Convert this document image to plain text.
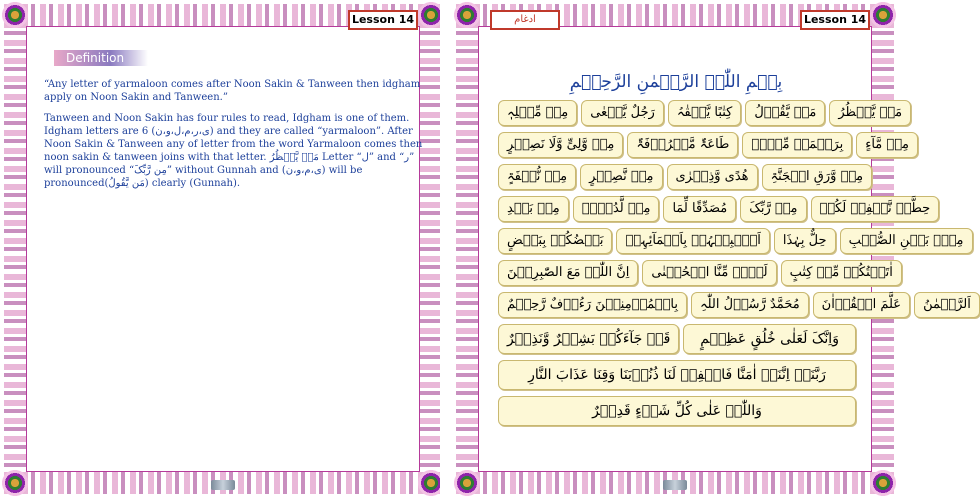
Lesson 14
Definition

“Any letter of yarmaloon comes after Noon Sakin & Tanween then idgham apply on Noon Sakin and Tanween.”

Tanween and Noon Sakin has four rules to read, Idgham is one of them. Idgham letters are 6 (ی،ر،م،ل،و،ن) and they are called “yarmaloon”. After Noon Sakin & Tanween any of letter from the word Yarmaloon comes then noon sakin & tanween joins with that letter. مَنۡ یَّنۡظُرُ Letter “ل” and “ر” will pronounced “مِن رَّبِّکَ” without Gunnah and (ی،م،و،ن) will be pronounced(مَن یَّقُولُ) clearly (Gunnah).

ادغام	Lesson 14
بِسۡمِ اللّٰہِ الرَّحۡمٰنِ الرَّحِیۡمِ
مِنۡ مِّثۡلِہٖ	رَجُلٌ یَّسۡعٰی	کِتٰبًا یَّلۡقٰہُ	مَنۡ یَّقُوۡلُ	مَنۡ یَّنۡظُرُ
مِنۡ وَّلِیٍّ وَّلَا نَصِیۡرٍ	طَاعَۃٌ مَّعۡرُوۡفَۃٌ	بِرَحۡمَۃٍ مِّنۡہُ	مِنۡ مَّآءٍ
مِنۡ نُّطۡفَۃٍ	مِنۡ نَّصِیۡرٍ	ھُدًی وَّذِکۡرٰی	مِنۡ وَّرَقِ الۡجَنَّۃِ
مِنۡ بَعۡدِ	مِنۡ لَّدُنۡہُ	مُصَدِّقًا لِّمَا	مِنۡ رَّبِّکَ	حِطَّۃٌ نَّغۡفِرۡ لَکُمۡ
بَعۡضُکُمۡ بِبَعۡضٍ	اَنۡۢبِئۡہُمۡ بِاَسۡمَآئِہِمۡ	حِلٌّ بِہٰذَا	مِنۡۢ بَیۡنِ الصُّلۡبِ
اِنَّ اللّٰہَ مَعَ الصّٰبِرِیۡنَ	لَہُمۡ مِّنَّا الۡحُسۡنٰی	اٰتَیۡتُکُمۡ مِّنۡ کِتٰبٍ
بِالۡمُؤۡمِنِیۡنَ رَءُوۡفٌ رَّحِیۡمٌ	مُحَمَّدٌ رَّسُوۡلُ اللّٰہِ	عَلَّمَ الۡقُرۡاٰنَ	اَلرَّحۡمٰنُ
قَدۡ جَآءَکُمۡ بَشِیۡرٌ وَّنَذِیۡرٌ	وَاِنَّکَ لَعَلٰی خُلُقٍ عَظِیۡمٍ
رَبَّنَاۤ اِنَّنَاۤ اٰمَنَّا فَاغۡفِرۡ لَنَا ذُنُوۡبَنَا وَقِنَا عَذَابَ النَّارِ
وَاللّٰہُ عَلٰی کُلِّ شَیۡءٍ قَدِیۡرٌ
